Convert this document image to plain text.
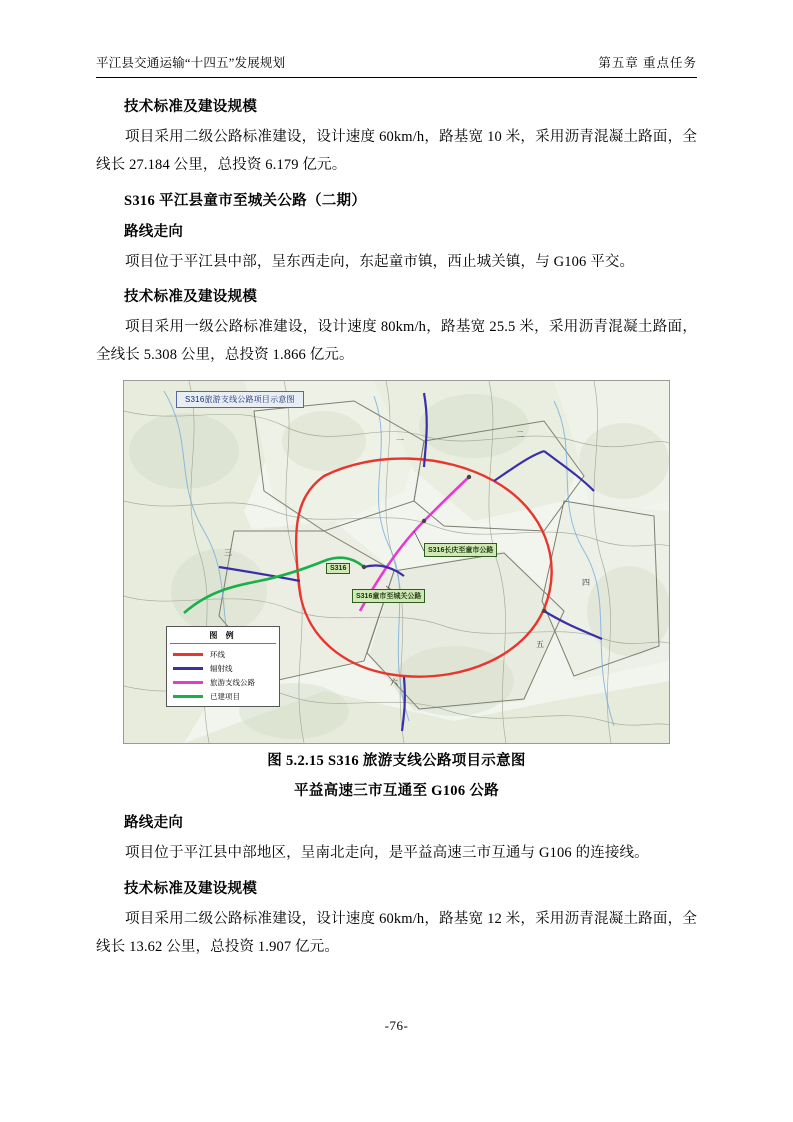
平江县交通运输“十四五”发展规划	第五章 重点任务
技术标准及建设规模

项目采用二级公路标准建设，设计速度 60km/h，路基宽 10 米，采用沥青混凝土路面，全线长 27.184 公里，总投资 6.179 亿元。

S316 平江县童市至城关公路（二期）
路线走向

项目位于平江县中部，呈东西走向，东起童市镇，西止城关镇，与 G106 平交。

技术标准及建设规模

项目采用一级公路标准建设，设计速度 80km/h，路基宽 25.5 米，采用沥青混凝土路面，全线长 5.308 公里，总投资 1.866 亿元。

S316旅游支线公路项目示意图
S316长庆至童市公路
S316童市至城关公路
S316
一
二
三
四
五
六
图 例
环线
辐射线
旅游支线公路
已建项目
图 5.2.15 S316 旅游支线公路项目示意图
平益高速三市互通至 G106 公路
路线走向

项目位于平江县中部地区，呈南北走向，是平益高速三市互通与 G106 的连接线。

技术标准及建设规模

项目采用二级公路标准建设，设计速度 60km/h，路基宽 12 米，采用沥青混凝土路面，全线长 13.62 公里，总投资 1.907 亿元。

-76-
